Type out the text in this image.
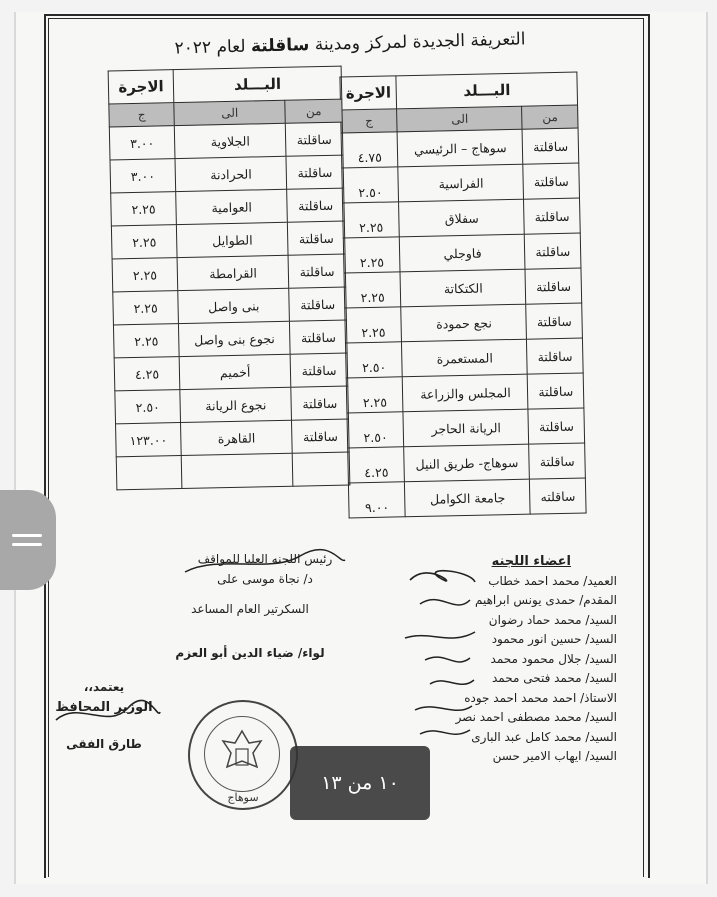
التعريفة الجديدة لمركز ومدينة ساقلتة لعام ٢٠٢٢
البـــلد		الاجرة
من	الى	ج
ساقلتة	سوهاج – الرئيسي	٤.٧٥
ساقلتة	الفراسية	٢.٥٠
ساقلتة	سفلاق	٢.٢٥
ساقلتة	فاوجلي	٢.٢٥
ساقلتة	الكتكاتة	٢.٢٥
ساقلتة	نجع حمودة	٢.٢٥
ساقلتة	المستعمرة	٢.٥٠
ساقلتة	المجلس والزراعة	٢.٢٥
ساقلتة	الريانة الحاجر	٢.٥٠
ساقلتة	سوهاج- طريق النيل	٤.٢٥
ساقلته	جامعة الكوامل	٩.٠٠
البـــلد		الاجرة
من	الى	ج
ساقلتة	الجلاوية	٣.٠٠
ساقلتة	الحرادنة	٣.٠٠
ساقلتة	العوامية	٢.٢٥
ساقلتة	الطوايل	٢.٢٥
ساقلتة	القرامطة	٢.٢٥
ساقلتة	بنى واصل	٢.٢٥
ساقلتة	نجوع بنى واصل	٢.٢٥
ساقلتة	أخميم	٤.٢٥
ساقلتة	نجوع الريانة	٢.٥٠
ساقلتة	القاهرة	١٢٣.٠٠

اعضاء اللجنه
العميد/ محمد احمد خطاب
المقدم/ حمدى يونس ابراهيم
السيد/ محمد حماد رضوان
السيد/ حسين انور محمود
السيد/ جلال محمود محمد
السيد/ محمد فتحى محمد
الاستاذ/ احمد محمد احمد جوده
السيد/ محمد مصطفى احمد نصر
السيد/ محمد كامل عبد البارى
السيد/ ايهاب الامير حسن
رئيس اللجنه العليا للمواقف
د/ نجاة موسى على
السكرتير العام المساعد
لواء/ ضياء الدين أبو العزم
يعتمد،،
الوزير المحافظ
طارق الفقى
سوهاج
١٠ من ١٣
